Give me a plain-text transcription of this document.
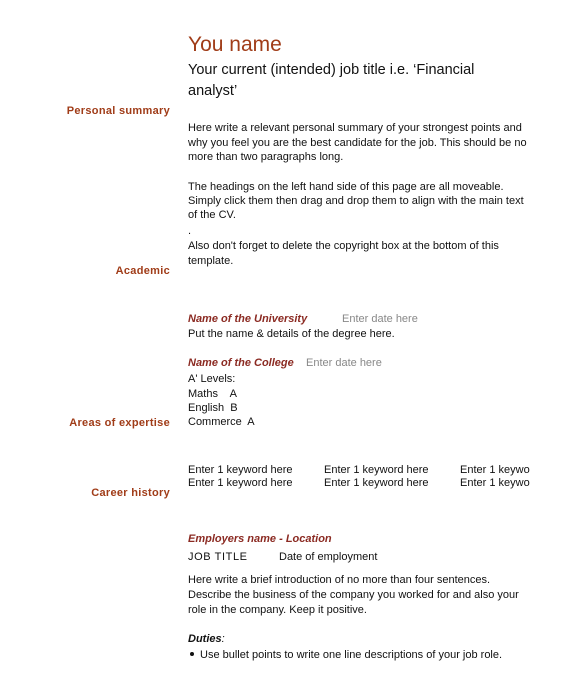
You name
Your current (intended) job title i.e. ‘Financial analyst’
Personal summary
Academic
Areas of expertise
Career history
Here write a relevant personal summary of your strongest points and why you feel you are the best candidate for the job. This should be no more than two paragraphs long.
The headings on the left hand side of this page are all moveable.
Simply click them then drag and drop them to align with the main text
of the CV.
.
Also don't forget to delete the copyright box at the bottom of this template.
Name of the University	Enter date here
Put the name & details of the degree here.
Name of the College Enter date here
A' Levels:
Maths    A
English  B
Commerce  A
Enter 1 keyword here	Enter 1 keyword here	Enter 1 keywo
Enter 1 keyword here	Enter 1 keyword here	Enter 1 keywo
Employers name - Location
JOB TITLE	Date of employment
Here write a brief introduction of no more than four sentences.
Describe the business of the company you worked for and also your
role in the company. Keep it positive.
Duties:
Use bullet points to write one line descriptions of your job role.
